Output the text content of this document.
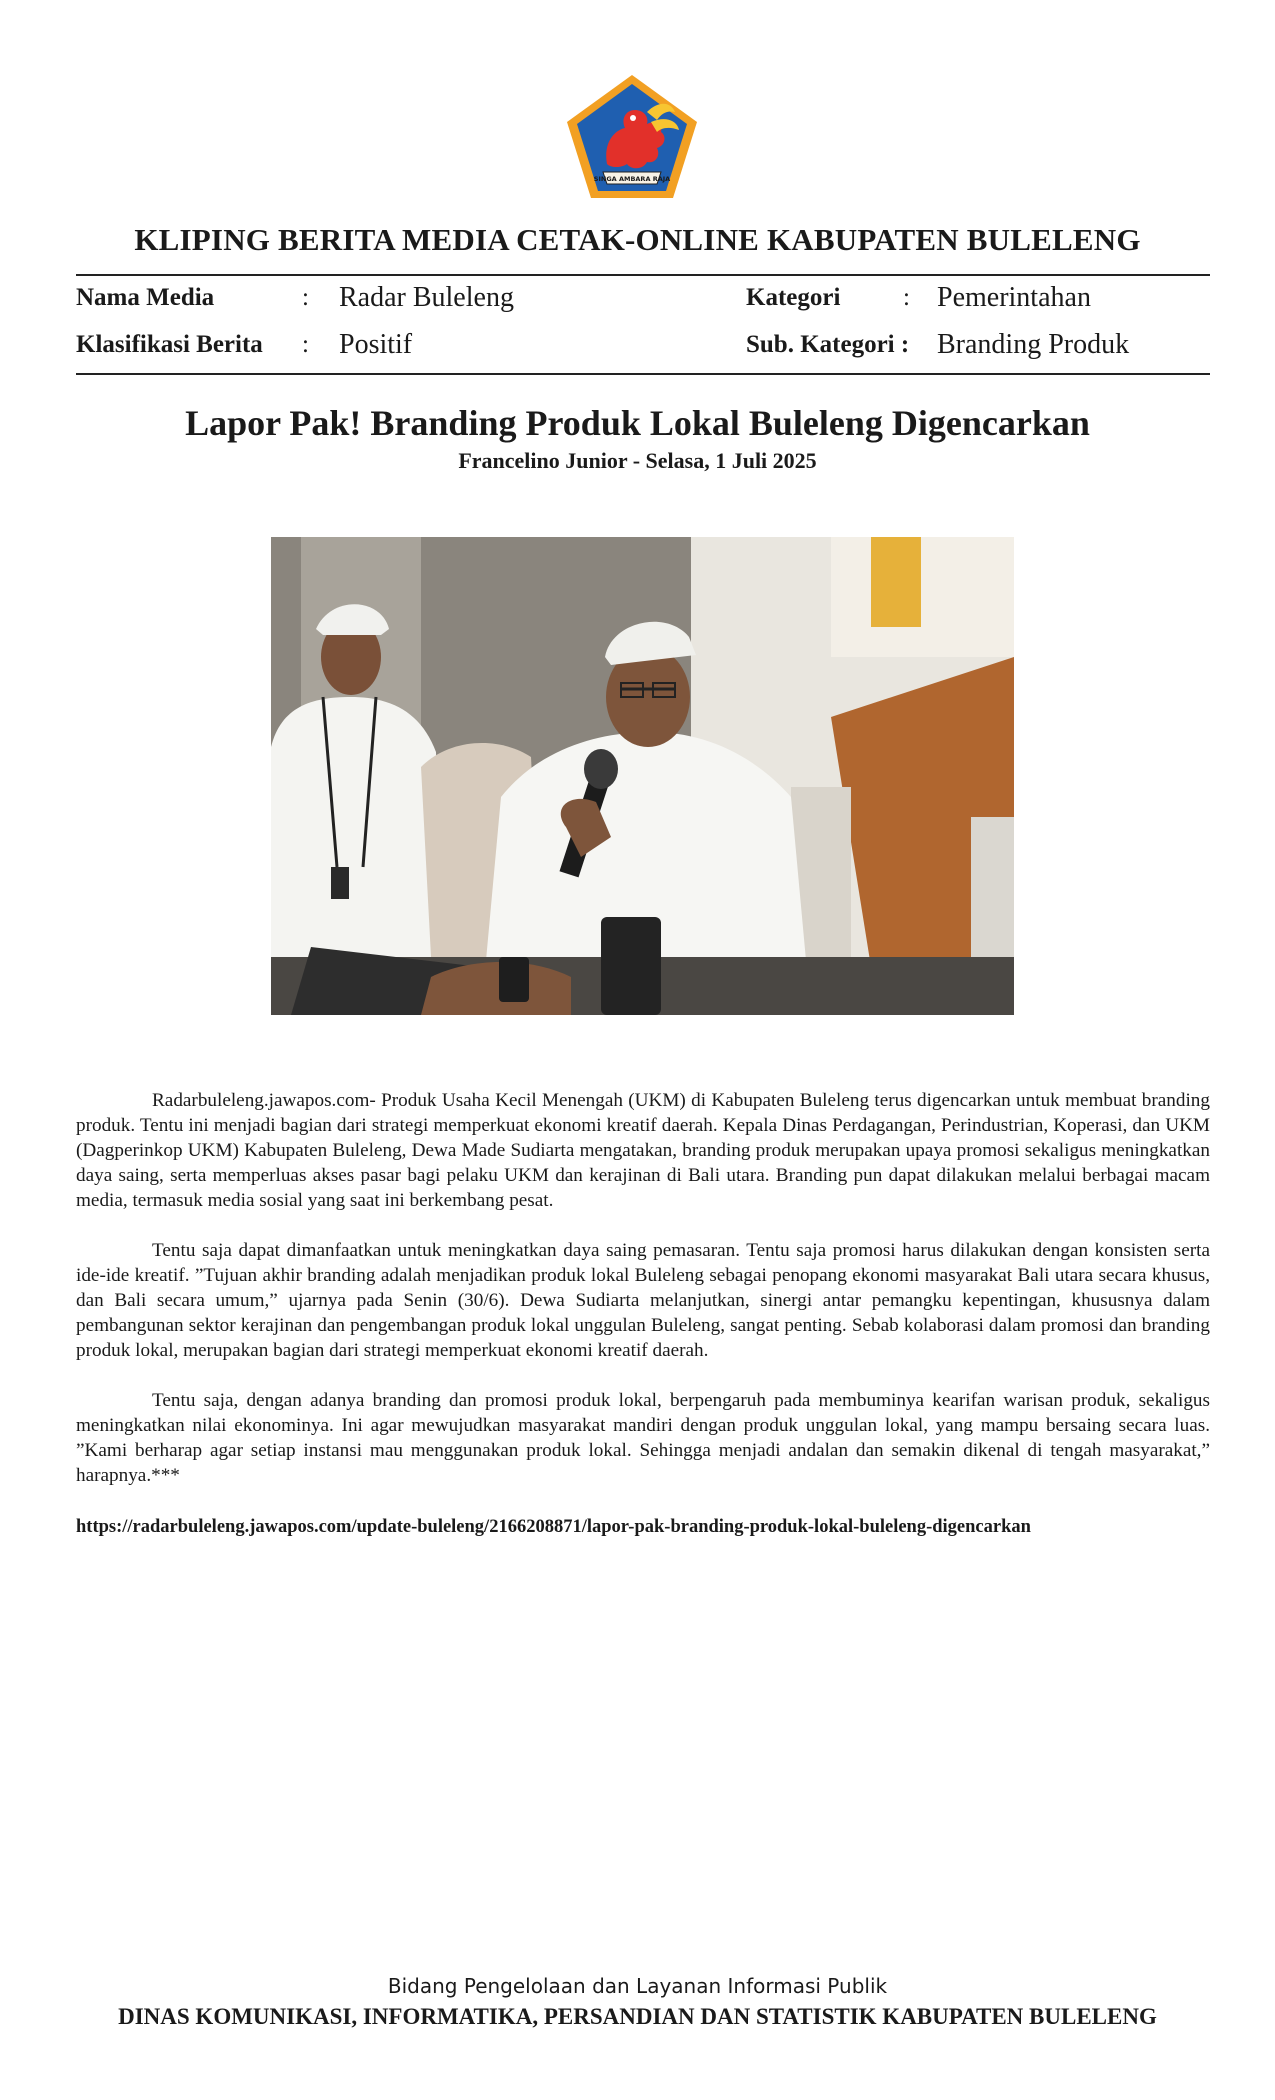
SINGA AMBARA RAJA
KLIPING BERITA MEDIA CETAK-ONLINE KABUPATEN BULELENG
Nama Media	: Radar Buleleng	Kategori	: Pemerintahan
Klasifikasi Berita : Positif	Sub. Kategori : Branding Produk
Lapor Pak! Branding Produk Lokal Buleleng Digencarkan
Francelino Junior - Selasa, 1 Juli 2025

Radarbuleleng.jawapos.com- Produk Usaha Kecil Menengah (UKM) di Kabupaten Buleleng terus digencarkan untuk membuat branding produk. Tentu ini menjadi bagian dari strategi memperkuat ekonomi kreatif daerah. Kepala Dinas Perdagangan, Perindustrian, Koperasi, dan UKM (Dagperinkop UKM) Kabupaten Buleleng, Dewa Made Sudiarta mengatakan, branding produk merupakan upaya promosi sekaligus meningkatkan daya saing, serta memperluas akses pasar bagi pelaku UKM dan kerajinan di Bali utara. Branding pun dapat dilakukan melalui berbagai macam media, termasuk media sosial yang saat ini berkembang pesat.

Tentu saja dapat dimanfaatkan untuk meningkatkan daya saing pemasaran. Tentu saja promosi harus dilakukan dengan konsisten serta ide-ide kreatif. ”Tujuan akhir branding adalah menjadikan produk lokal Buleleng sebagai penopang ekonomi masyarakat Bali utara secara khusus, dan Bali secara umum,” ujarnya pada Senin (30/6). Dewa Sudiarta melanjutkan, sinergi antar pemangku kepentingan, khususnya dalam pembangunan sektor kerajinan dan pengembangan produk lokal unggulan Buleleng, sangat penting. Sebab kolaborasi dalam promosi dan branding produk lokal, merupakan bagian dari strategi memperkuat ekonomi kreatif daerah.

Tentu saja, dengan adanya branding dan promosi produk lokal, berpengaruh pada membuminya kearifan warisan produk, sekaligus meningkatkan nilai ekonominya. Ini agar mewujudkan masyarakat mandiri dengan produk unggulan lokal, yang mampu bersaing secara luas. ”Kami berharap agar setiap instansi mau menggunakan produk lokal. Sehingga menjadi andalan dan semakin dikenal di tengah masyarakat,” harapnya.***

https://radarbuleleng.jawapos.com/update-buleleng/2166208871/lapor-pak-branding-produk-lokal-buleleng-digencarkan
Bidang Pengelolaan dan Layanan Informasi Publik
DINAS KOMUNIKASI, INFORMATIKA, PERSANDIAN DAN STATISTIK KABUPATEN BULELENG
